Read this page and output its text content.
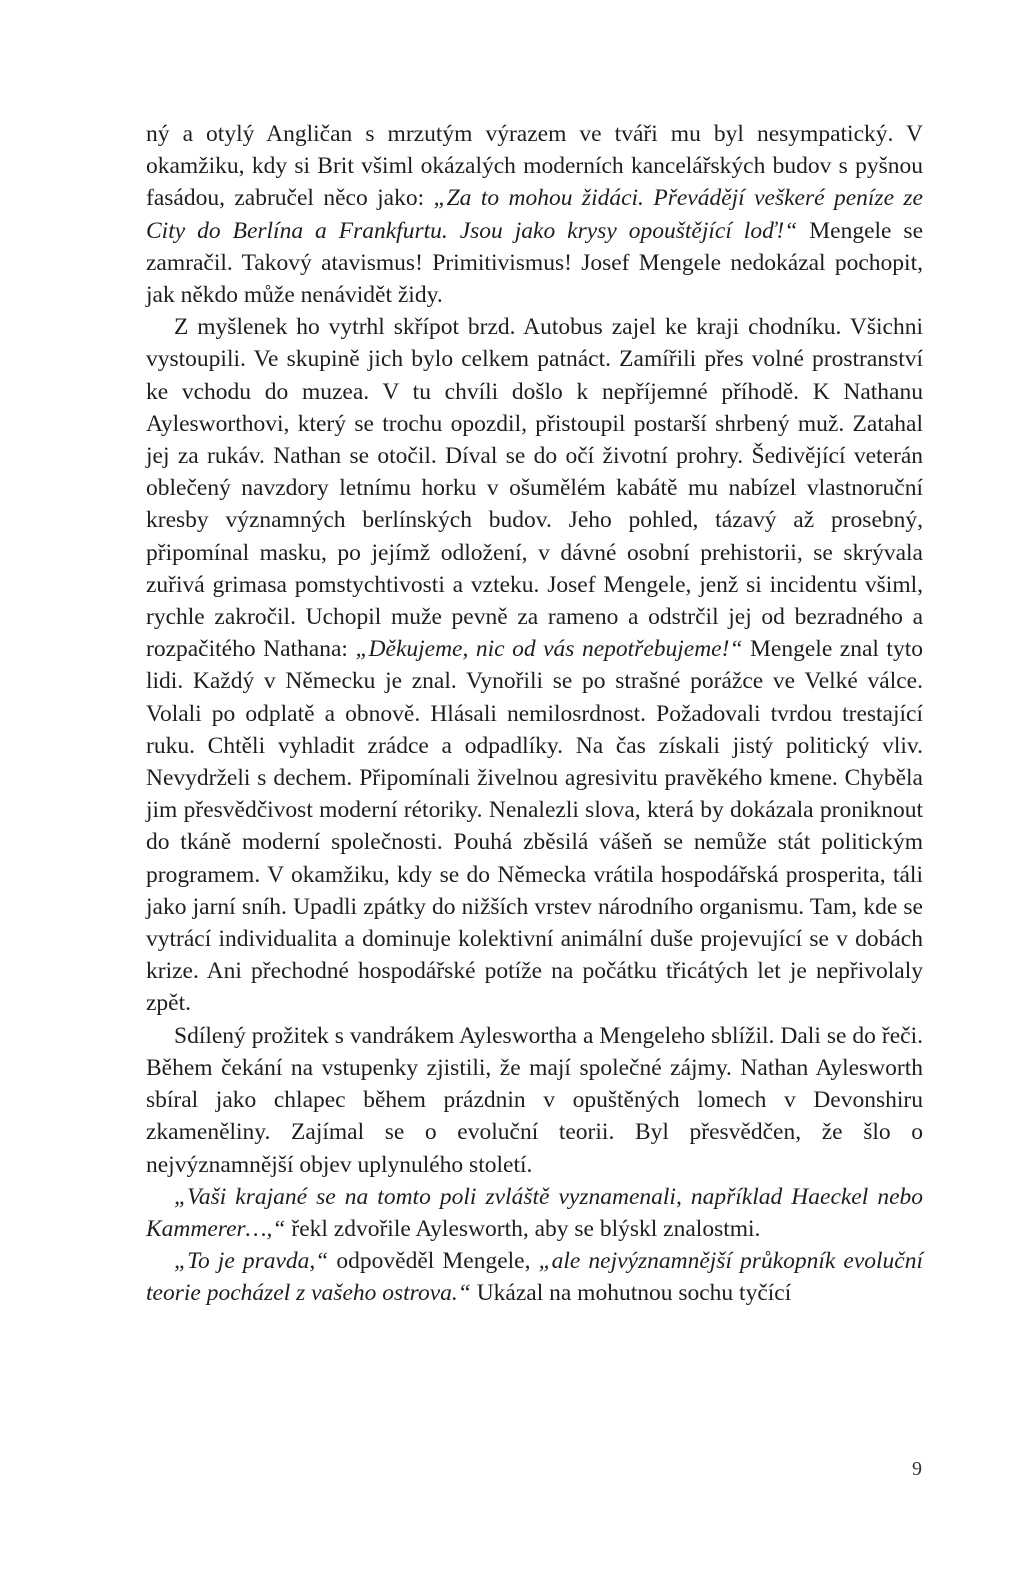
ný a otylý Angličan s mrzutým výrazem ve tváři mu byl nesympatický. V okamžiku, kdy si Brit všiml okázalých moderních kancelářských budov s pyšnou fasádou, zabručel něco jako: „Za to mohou židáci. Převádějí veškeré peníze ze City do Berlína a Frankfurtu. Jsou jako krysy opouštějící loď!“ Mengele se zamračil. Takový atavismus! Primitivismus! Josef Mengele nedokázal pochopit, jak někdo může nenávidět židy.

Z myšlenek ho vytrhl skřípot brzd. Autobus zajel ke kraji chodníku. Všichni vystoupili. Ve skupině jich bylo celkem patnáct. Zamířili přes volné prostranství ke vchodu do muzea. V tu chvíli došlo k nepříjemné příhodě. K Nathanu Aylesworthovi, který se trochu opozdil, přistoupil postarší shrbený muž. Zatahal jej za rukáv. Nathan se otočil. Díval se do očí životní prohry. Šedivějící veterán oblečený navzdory letnímu horku v ošumělém kabátě mu nabízel vlastnoruční kresby významných berlínských budov. Jeho pohled, tázavý až prosebný, připomínal masku, po jejímž odložení, v dávné osobní prehistorii, se skrývala zuřivá grimasa pomstychtivosti a vzteku. Josef Mengele, jenž si incidentu všiml, rychle zakročil. Uchopil muže pevně za rameno a odstrčil jej od bezradného a rozpačitého Nathana: „Děkujeme, nic od vás nepotřebujeme!“ Mengele znal tyto lidi. Každý v Německu je znal. Vynořili se po strašné porážce ve Velké válce. Volali po odplatě a obnově. Hlásali nemilosrdnost. Požadovali tvrdou trestající ruku. Chtěli vyhladit zrádce a odpadlíky. Na čas získali jistý politický vliv. Nevydrželi s dechem. Připomínali živelnou agresivitu pravěkého kmene. Chyběla jim přesvědčivost moderní rétoriky. Nenalezli slova, která by dokázala proniknout do tkáně moderní společnosti. Pouhá zběsilá vášeň se nemůže stát politickým programem. V okamžiku, kdy se do Německa vrátila hospodářská prosperita, táli jako jarní sníh. Upadli zpátky do nižších vrstev národního organismu. Tam, kde se vytrácí individualita a dominuje kolektivní animální duše projevující se v dobách krize. Ani přechodné hospodářské potíže na počátku třicátých let je nepřivolaly zpět.

Sdílený prožitek s vandrákem Aylesworthа a Mengeleho sblížil. Dali se do řeči. Během čekání na vstupenky zjistili, že mají společné zájmy. Nathan Aylesworth sbíral jako chlapec během prázdnin v opuštěných lomech v Devonshiru zkameněliny. Zajímal se o evoluční teorii. Byl přesvědčen, že šlo o nejvýznamnější objev uplynulého století.

„Vaši krajané se na tomto poli zvláště vyznamenali, například Haeckel nebo Kammerer…,“ řekl zdvořile Aylesworth, aby se blýskl znalostmi.

„To je pravda,“ odpověděl Mengele, „ale nejvýznamnější průkopník evoluční teorie pocházel z vašeho ostrova.“ Ukázal na mohutnou sochu tyčící

9
